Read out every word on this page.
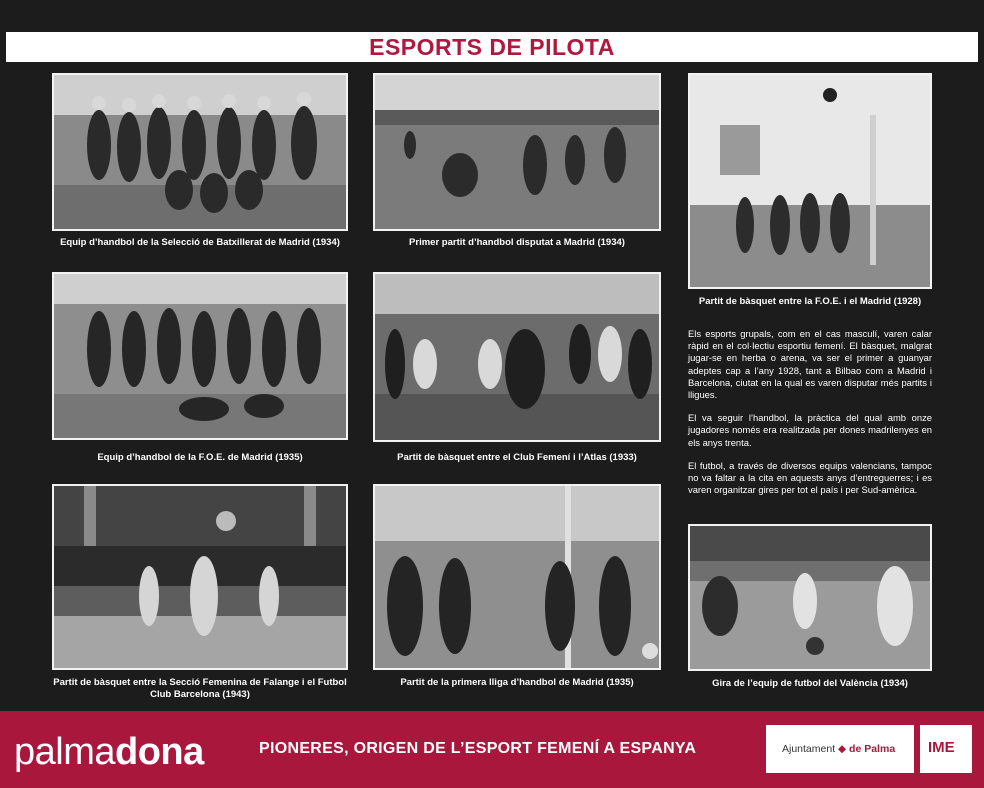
ESPORTS DE PILOTA
Equip d’handbol de la Selecció de Batxillerat de Madrid (1934)	Primer partit d’handbol disputat a Madrid (1934)
Partit de bàsquet entre la F.O.E. i el Madrid (1928)
Equip d’handbol de la F.O.E. de Madrid (1935)	Partit de bàsquet entre el Club Femení i l’Atlas (1933)
Partit de bàsquet entre la Secció Femenina de Falange i el Futbol Club Barcelona (1943)
Partit de la primera lliga d’handbol de Madrid (1935)	Gira de l’equip de futbol del València (1934)

Els esports grupals, com en el cas masculí, varen calar ràpid en el col·lectiu esportiu femení. El bàsquet, malgrat jugar-se en herba o arena, va ser el primer a guanyar adeptes cap a l’any 1928, tant a Bilbao com a Madrid i Barcelona, ciutat en la qual es varen disputar més partits i lligues.

El va seguir l’handbol, la pràctica del qual amb onze jugadores només era realitzada per dones madrilenyes en els anys trenta.

El futbol, a través de diversos equips valencians, tampoc no va faltar a la cita en aquests anys d’entreguerres; i es varen organitzar gires per tot el país i per Sud-amèrica.

palmadona	PIONERES, ORIGEN DE L’ESPORT FEMENÍ A ESPANYA	Ajuntament ◆ de Palma IME
